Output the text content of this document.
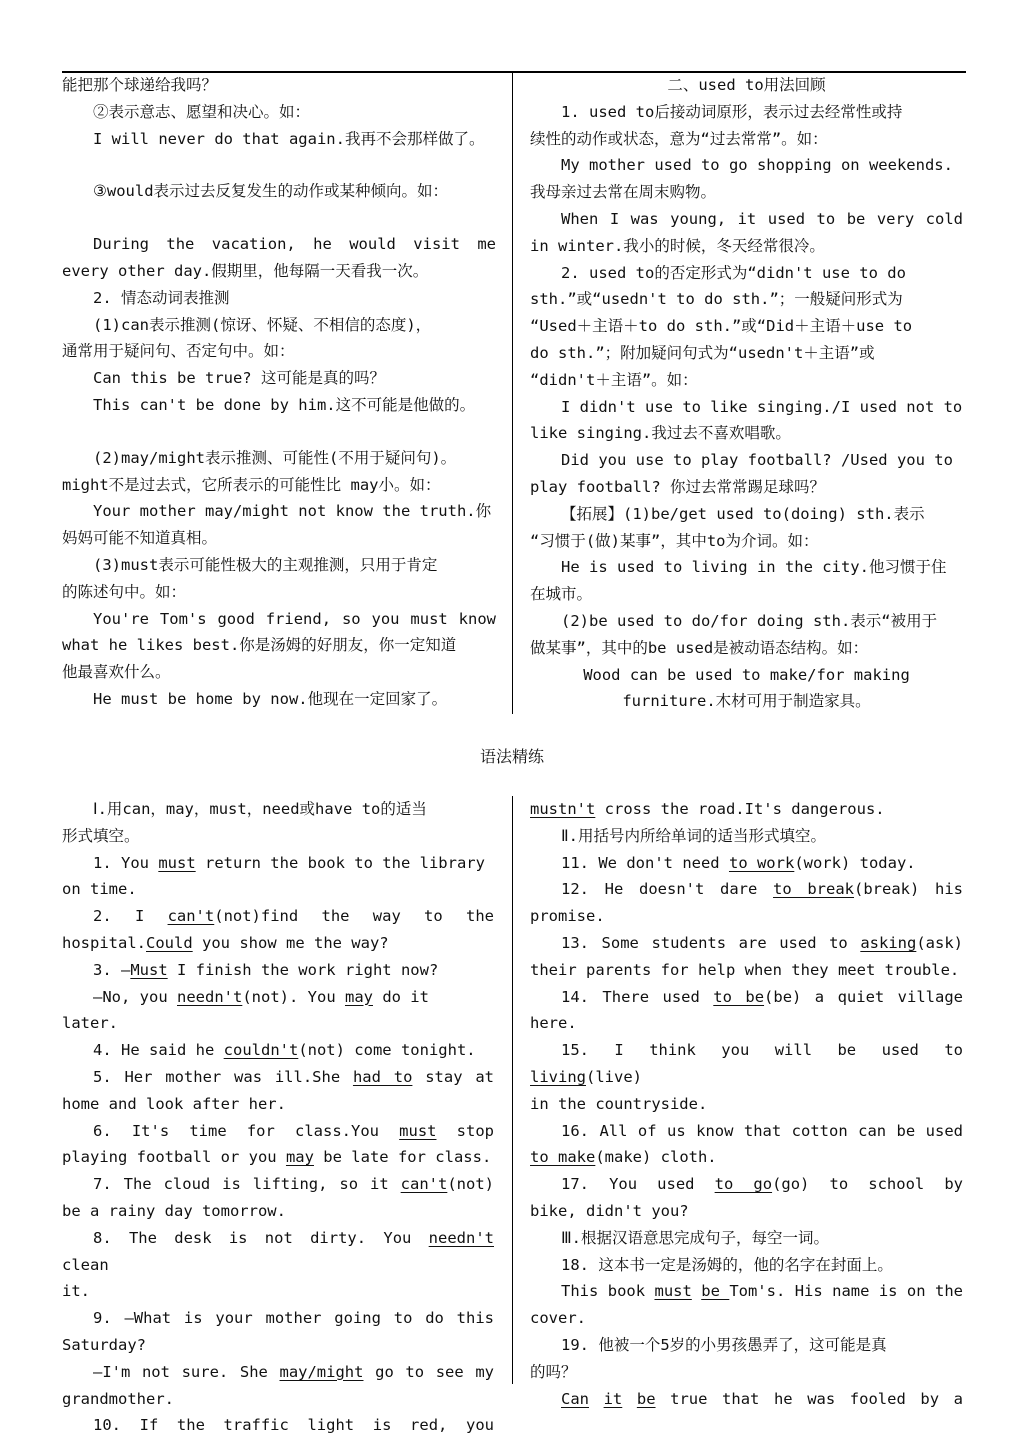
能把那个球递给我吗？

②表示意志、愿望和决心。如：

I will never do that again.我再不会那样做了。

③would表示过去反复发生的动作或某种倾向。如：

During the vacation, he would visit me

every other day.假期里，他每隔一天看我一次。

2. 情态动词表推测

(1)can表示推测(惊讶、怀疑、不相信的态度)，

通常用于疑问句、否定句中。如：

Can this be true? 这可能是真的吗？

This can't be done by him.这不可能是他做的。

(2)may/might表示推测、可能性(不用于疑问句)。

might不是过去式，它所表示的可能性比 may小。如：

Your mother may/might not know the truth.你

妈妈可能不知道真相。

(3)must表示可能性极大的主观推测，只用于肯定

的陈述句中。如：

You're Tom's good friend, so you must know

what he likes best.你是汤姆的好朋友，你一定知道

他最喜欢什么。

He must be home by now.他现在一定回家了。

二、used to用法回顾

1. used to后接动词原形，表示过去经常性或持

续性的动作或状态，意为“过去常常”。如：

My mother used to go shopping on weekends.

我母亲过去常在周末购物。

When I was young, it used to be very cold

in winter.我小的时候，冬天经常很冷。

2. used to的否定形式为“didn't use to do

sth.”或“usedn't to do sth.”；一般疑问形式为

“Used＋主语＋to do sth.”或“Did＋主语＋use to

do sth.”；附加疑问句式为“usedn't＋主语”或

“didn't＋主语”。如：

I didn't use to like singing./I used not to

like singing.我过去不喜欢唱歌。

Did you use to play football? /Used you to

play football? 你过去常常踢足球吗？

【拓展】(1)be/get used to(doing) sth.表示

“习惯于(做)某事”，其中to为介词。如：

He is used to living in the city.他习惯于住

在城市。

(2)be used to do/for doing sth.表示“被用于

做某事”，其中的be used是被动语态结构。如：

Wood can be used to make/for making

furniture.木材可用于制造家具。

语法精练

Ⅰ.用can，may，must，need或have to的适当

形式填空。

1. You must return the book to the library

on time.

2. I can't(not)find the way to the

hospital.Could you show me the way?

3. —Must I finish the work right now?

—No, you needn't(not). You may do it later.

4. He said he couldn't(not) come tonight.

5. Her mother was ill.She had to stay at

home and look after her.

6. It's time for class.You must stop

playing football or you may be late for class.

7. The cloud is lifting, so it can't(not)

be a rainy day tomorrow.

8. The desk is not dirty. You needn't clean

it.

9. —What is your mother going to do this

Saturday?

—I'm not sure. She may/might go to see my

grandmother.

10. If the traffic light is red, you

mustn't cross the road.It's dangerous.

Ⅱ.用括号内所给单词的适当形式填空。

11. We don't need to work(work) today.

12. He doesn't dare to break(break) his

promise.

13. Some students are used to asking(ask)

their parents for help when they meet trouble.

14. There used to be(be) a quiet village

here.

15. I think you will be used to living(live)

in the countryside.

16. All of us know that cotton can be used

to make(make) cloth.

17. You used to go(go) to school by

bike, didn't you?

Ⅲ.根据汉语意思完成句子，每空一词。

18. 这本书一定是汤姆的，他的名字在封面上。

This book must be Tom's. His name is on the

cover.

19. 他被一个5岁的小男孩愚弄了，这可能是真

的吗？

Can it be true that he was fooled by a
